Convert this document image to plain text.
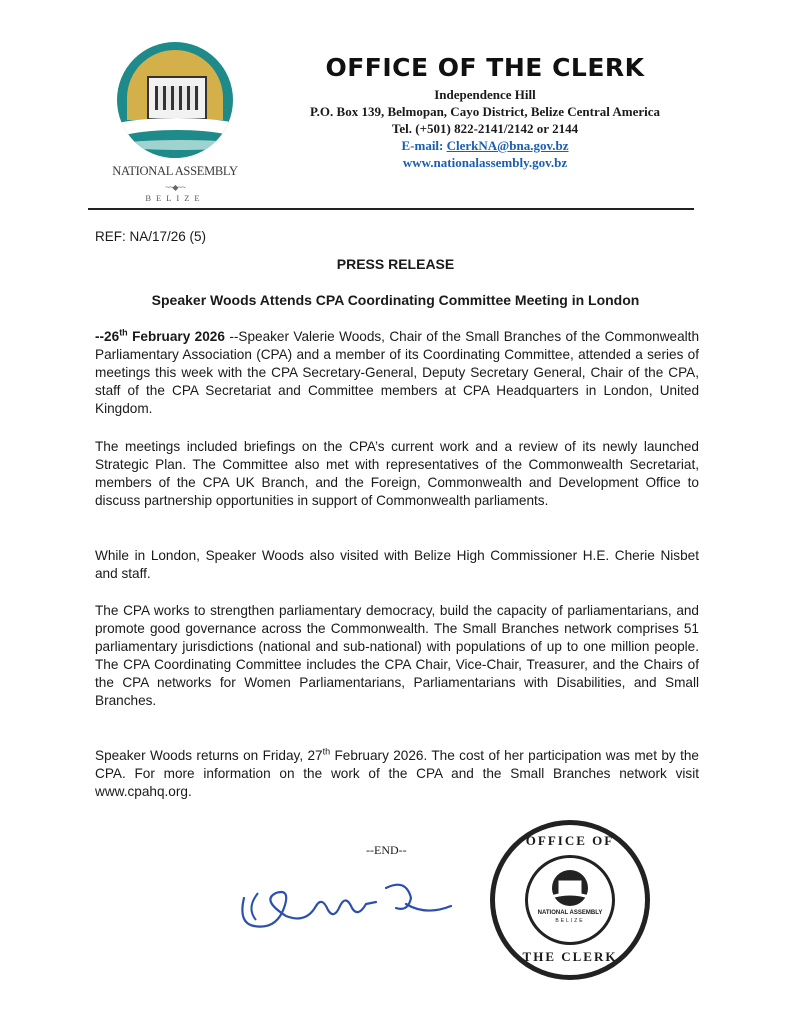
NATIONAL ASSEMBLY
~~◆~~
BELIZE
OFFICE OF THE CLERK
Independence Hill
P.O. Box 139, Belmopan, Cayo District, Belize Central America
Tel. (+501) 822-2141/2142 or 2144
E-mail: ClerkNA@bna.gov.bz
www.nationalassembly.gov.bz
REF: NA/17/26 (5)
PRESS RELEASE
Speaker Woods Attends CPA Coordinating Committee Meeting in London

--26th February 2026 --Speaker Valerie Woods, Chair of the Small Branches of the Commonwealth Parliamentary Association (CPA) and a member of its Coordinating Committee, attended a series of meetings this week with the CPA Secretary-General, Deputy Secretary General, Chair of the CPA, staff of the CPA Secretariat and Committee members at CPA Headquarters in London, United Kingdom.

The meetings included briefings on the CPA’s current work and a review of its newly launched Strategic Plan. The Committee also met with representatives of the Commonwealth Secretariat, members of the CPA UK Branch, and the Foreign, Commonwealth and Development Office to discuss partnership opportunities in support of Commonwealth parliaments.

While in London, Speaker Woods also visited with Belize High Commissioner H.E. Cherie Nisbet and staff.

The CPA works to strengthen parliamentary democracy, build the capacity of parliamentarians, and promote good governance across the Commonwealth. The Small Branches network comprises 51 parliamentary jurisdictions (national and sub-national) with populations of up to one million people. The CPA Coordinating Committee includes the CPA Chair, Vice-Chair, Treasurer, and the Chairs of the CPA networks for Women Parliamentarians, Parliamentarians with Disabilities, and Small Branches.

Speaker Woods returns on Friday, 27th February 2026. The cost of her participation was met by the CPA. For more information on the work of the CPA and the Small Branches network visit www.cpahq.org.

--END--
OFFICE OF
NATIONAL ASSEMBLY
BELIZE
THE CLERK
